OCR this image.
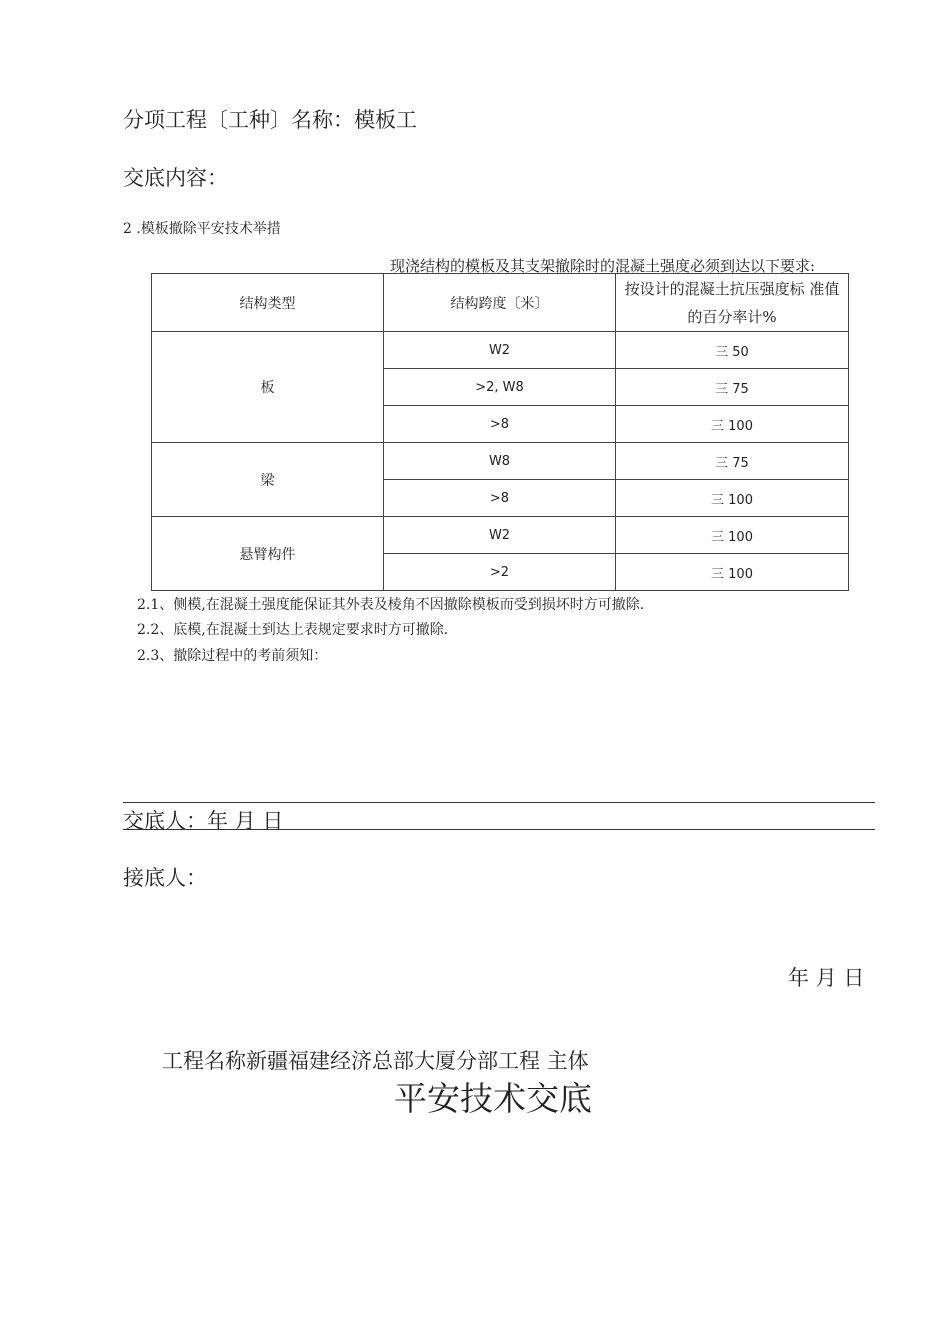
分项工程〔工种〕名称：模板工
交底内容：
2 .模板撤除平安技术举措
现浇结构的模板及其支架撤除时的混凝土强度必须到达以下要求:
结构类型	结构跨度〔米〕	按设计的混凝土抗压强度标 准值的百分率计%
板	W2	三 50
	>2, W8	三 75
	>8	三 100
梁	W8	三 75
	>8	三 100
悬臂构件	W2	三 100
	>2	三 100
2.1、侧模,在混凝土强度能保证其外表及棱角不因撤除模板而受到损坏时方可撤除.
2.2、底模,在混凝土到达上表规定要求时方可撤除.
2.3、撤除过程中的考前须知：
交底人：年 月 日
接底人：
年 月 日
工程名称新疆福建经济总部大厦分部工程 主体
平安技术交底
